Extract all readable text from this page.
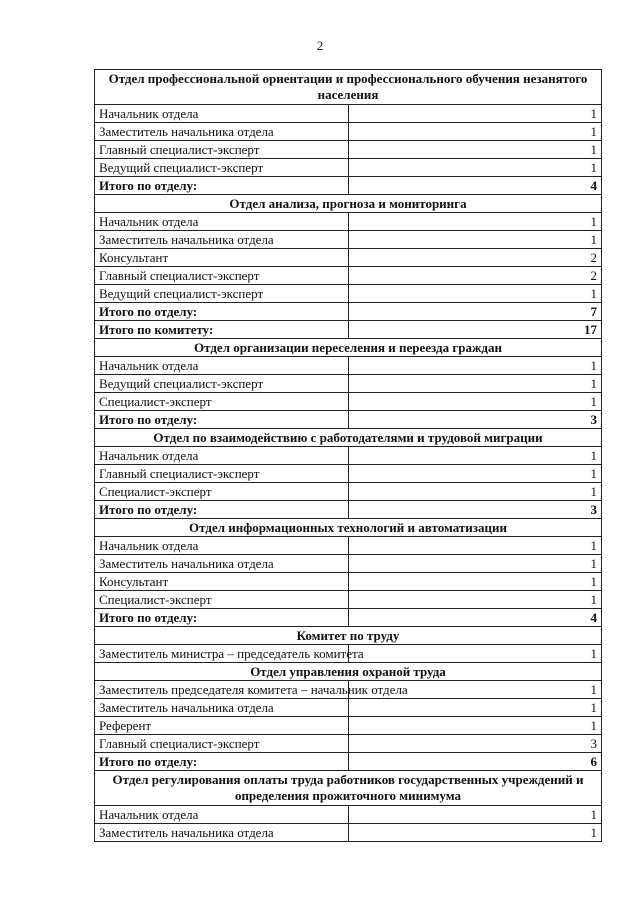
2
Отдел профессиональной ориентации и профессионального обучения незанятого населения	
Начальник отдела	1
Заместитель начальника отдела	1
Главный специалист-эксперт	1
Ведущий специалист-эксперт	1
Итого по отделу:	4
Отдел анализа, прогноза и мониторинга	
Начальник отдела	1
Заместитель начальника отдела	1
Консультант	2
Главный специалист-эксперт	2
Ведущий специалист-эксперт	1
Итого по отделу:	7
Итого по комитету:	17
Отдел организации переселения и переезда граждан	
Начальник отдела	1
Ведущий специалист-эксперт	1
Специалист-эксперт	1
Итого по отделу:	3
Отдел по взаимодействию с работодателями и трудовой миграции	
Начальник отдела	1
Главный специалист-эксперт	1
Специалист-эксперт	1
Итого по отделу:	3
Отдел информационных технологий и автоматизации	
Начальник отдела	1
Заместитель начальника отдела	1
Консультант	1
Специалист-эксперт	1
Итого по отделу:	4
Комитет по труду	
Заместитель министра – председатель комитета	1
Отдел управления охраной труда	
Заместитель председателя комитета – начальник отдела	1
Заместитель начальника отдела	1
Референт	1
Главный специалист-эксперт	3
Итого по отделу:	6
Отдел регулирования оплаты труда работников государственных учреждений и определения прожиточного минимума	
Начальник отдела	1
Заместитель начальника отдела	1
